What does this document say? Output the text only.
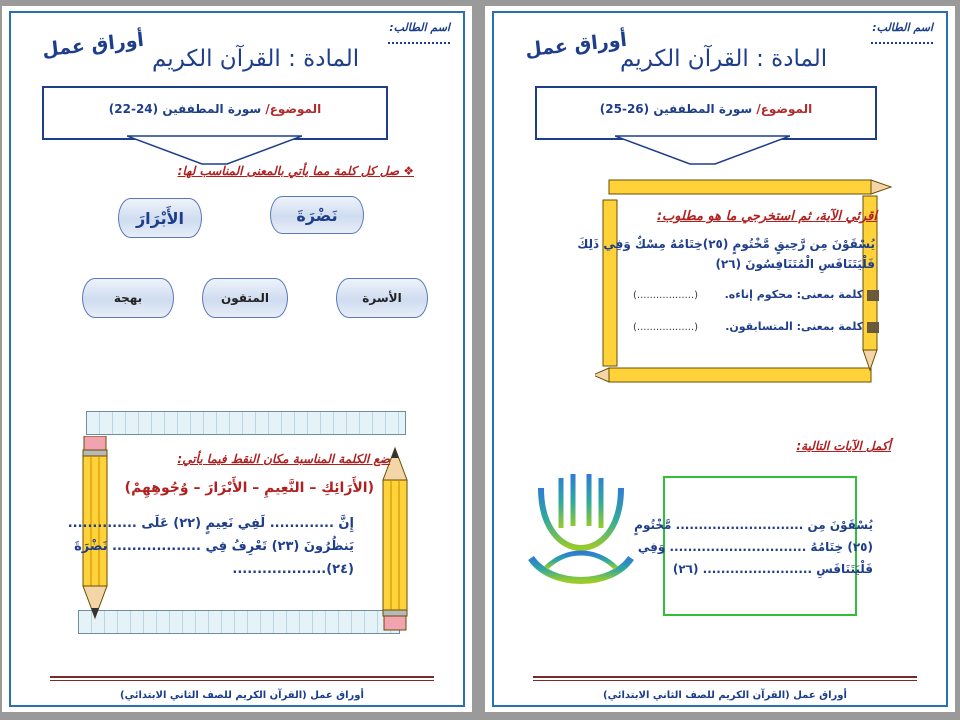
اسم الطالب:
أوراق عمل المادة : القرآن الكريم
الموضوع/ سورة المطففين (24-22)
❖ صل كل كلمة مما يأتي بالمعنى المناسب لها:
الأَبْرَارَ	نَضْرَةَ
بهجة	المتقون	الأسرة
ضع الكلمة المناسبة مكان النقط فيما يأتي:
(الأَرَائِكِ – النَّعِيمِ – الأَبْرَارَ – وُجُوهِهِمْ)
إِنَّ ............. لَفِي نَعِيمٍ (٢٢) عَلَى ..............
يَنظُرُونَ (٢٣) تَعْرِفُ فِي .................. نَضْرَةَ
(٢٤)...................
أوراق عمل (القرآن الكريم للصف الثاني الابتدائي)
اسم الطالب:
أوراق عمل
المادة : القرآن الكريم
الموضوع/ سورة المطففين (26-25)
اقرئي الآية، ثم استخرجي ما هو مطلوب:
يُسْقَوْنَ مِن رَّحِيقٍ مَّخْتُومٍ (٢٥)خِتَامُهُ مِسْكٌ وَفِي ذَلِكَ
فَلْيَتَنَافَسِ الْمُتَنَافِسُونَ (٢٦)
كلمة بمعنى: محكوم إناءه.
(..................)
كلمة بمعنى: المتسابقون.
(..................)
أكمل الآيات التالية:
يُسْقَوْنَ مِن ............................ مَّخْتُومٍ
(٢٥) خِتَامُهُ .............................. وَفِي
فَلْيَتَنَافَسِ ........................ (٢٦)
أوراق عمل (القرآن الكريم للصف الثاني الابتدائي)
